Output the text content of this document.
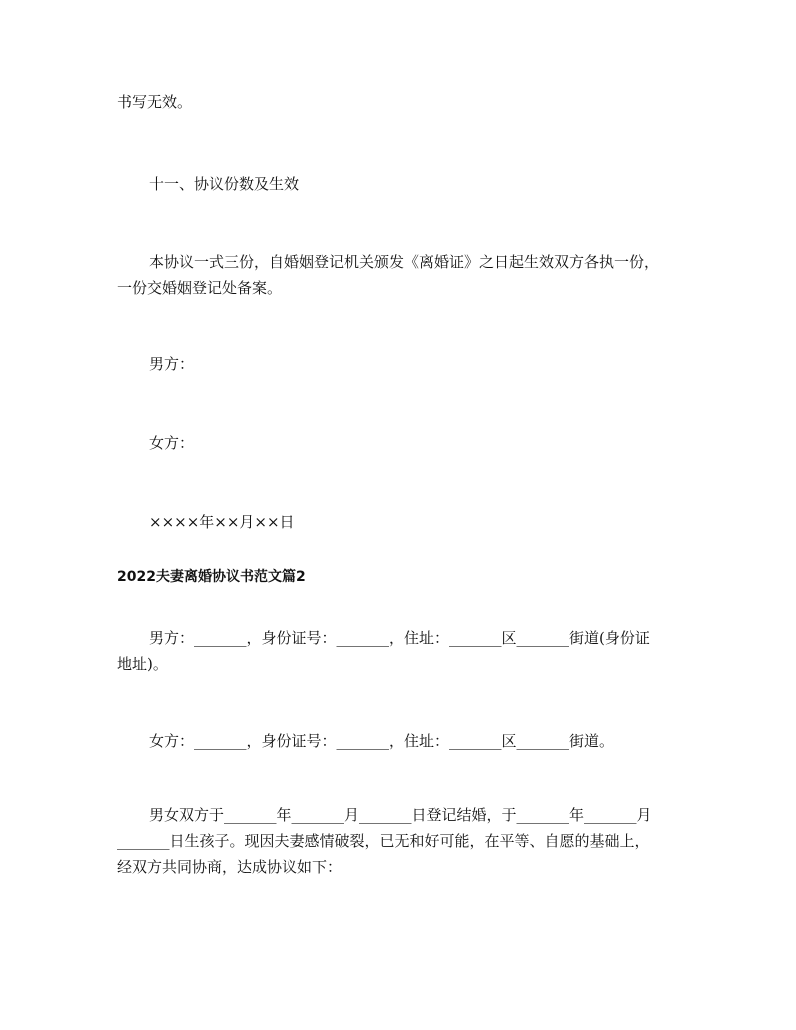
书写无效。
十一、协议份数及生效
本协议一式三份，自婚姻登记机关颁发《离婚证》之日起生效双方各执一份，
一份交婚姻登记处备案。
男方：
女方：
××××年××月××日
2022夫妻离婚协议书范文篇2
男方：_______，身份证号：_______，住址：_______区_______街道(身份证
地址)。
女方：_______，身份证号：_______，住址：_______区_______街道。
男女双方于_______年_______月_______日登记结婚，于_______年_______月
_______日生孩子。现因夫妻感情破裂，已无和好可能，在平等、自愿的基础上，
经双方共同协商，达成协议如下：
